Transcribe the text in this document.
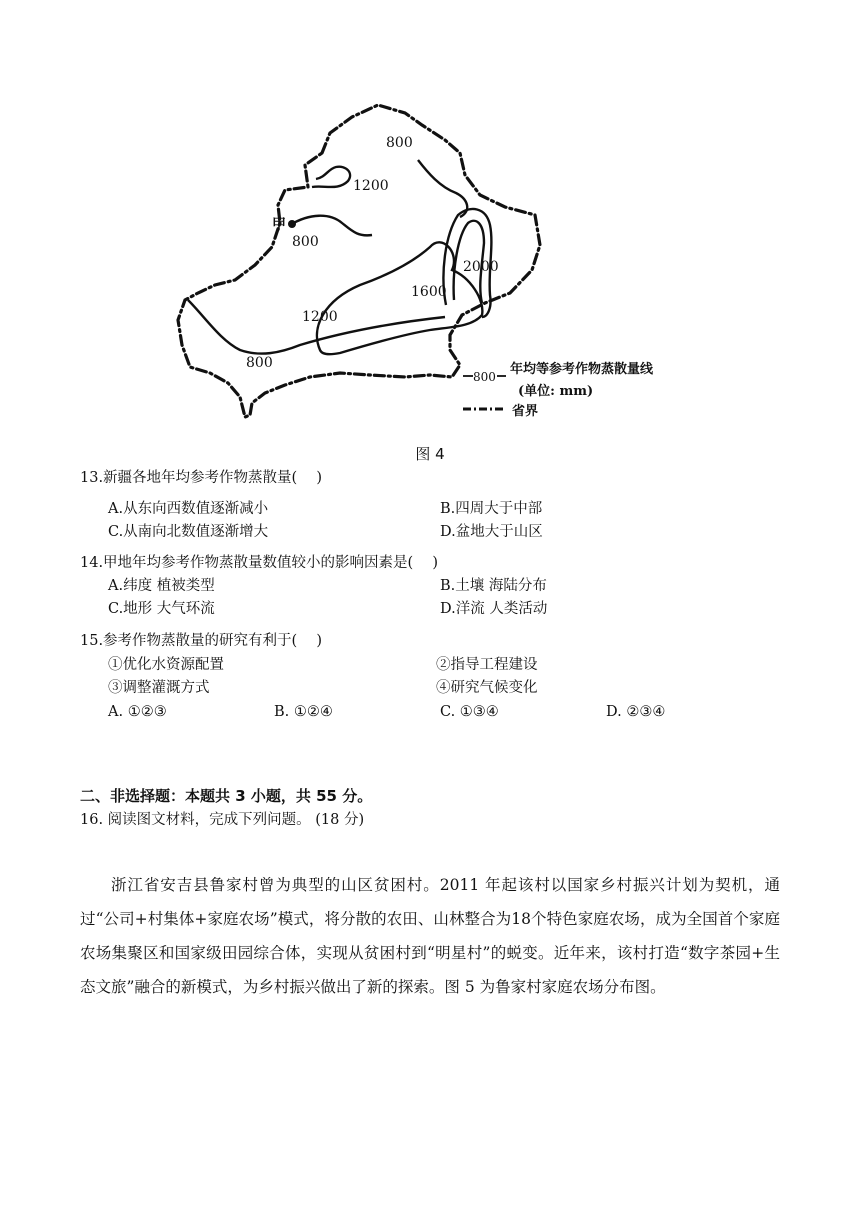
800
1200
800
2000
1600
1200
800
甲
800 年均等参考作物蒸散量线
(单位: mm)
省界
图 4
13.新疆各地年均参考作物蒸散量(　 )
A.从东向西数值逐渐减小	B.四周大于中部
C.从南向北数值逐渐增大	D.盆地大于山区
14.甲地年均参考作物蒸散量数值较小的影响因素是(　 )
A.纬度 植被类型	B.土壤 海陆分布
C.地形 大气环流	D.洋流 人类活动
15.参考作物蒸散量的研究有利于(　 )
①优化水资源配置	②指导工程建设
③调整灌溉方式	④研究气候变化
A. ①②③	B. ①②④	C. ①③④	D. ②③④
二、非选择题：本题共 3 小题，共 55 分。
16. 阅读图文材料，完成下列问题。 (18 分)
浙江省安吉县鲁家村曾为典型的山区贫困村。2011 年起该村以国家乡村振兴计划为契机，通过“公司+村集体+家庭农场”模式，将分散的农田、山林整合为18个特色家庭农场，成为全国首个家庭农场集聚区和国家级田园综合体，实现从贫困村到“明星村”的蜕变。近年来，该村打造“数字茶园+生态文旅”融合的新模式，为乡村振兴做出了新的探索。图 5 为鲁家村家庭农场分布图。
